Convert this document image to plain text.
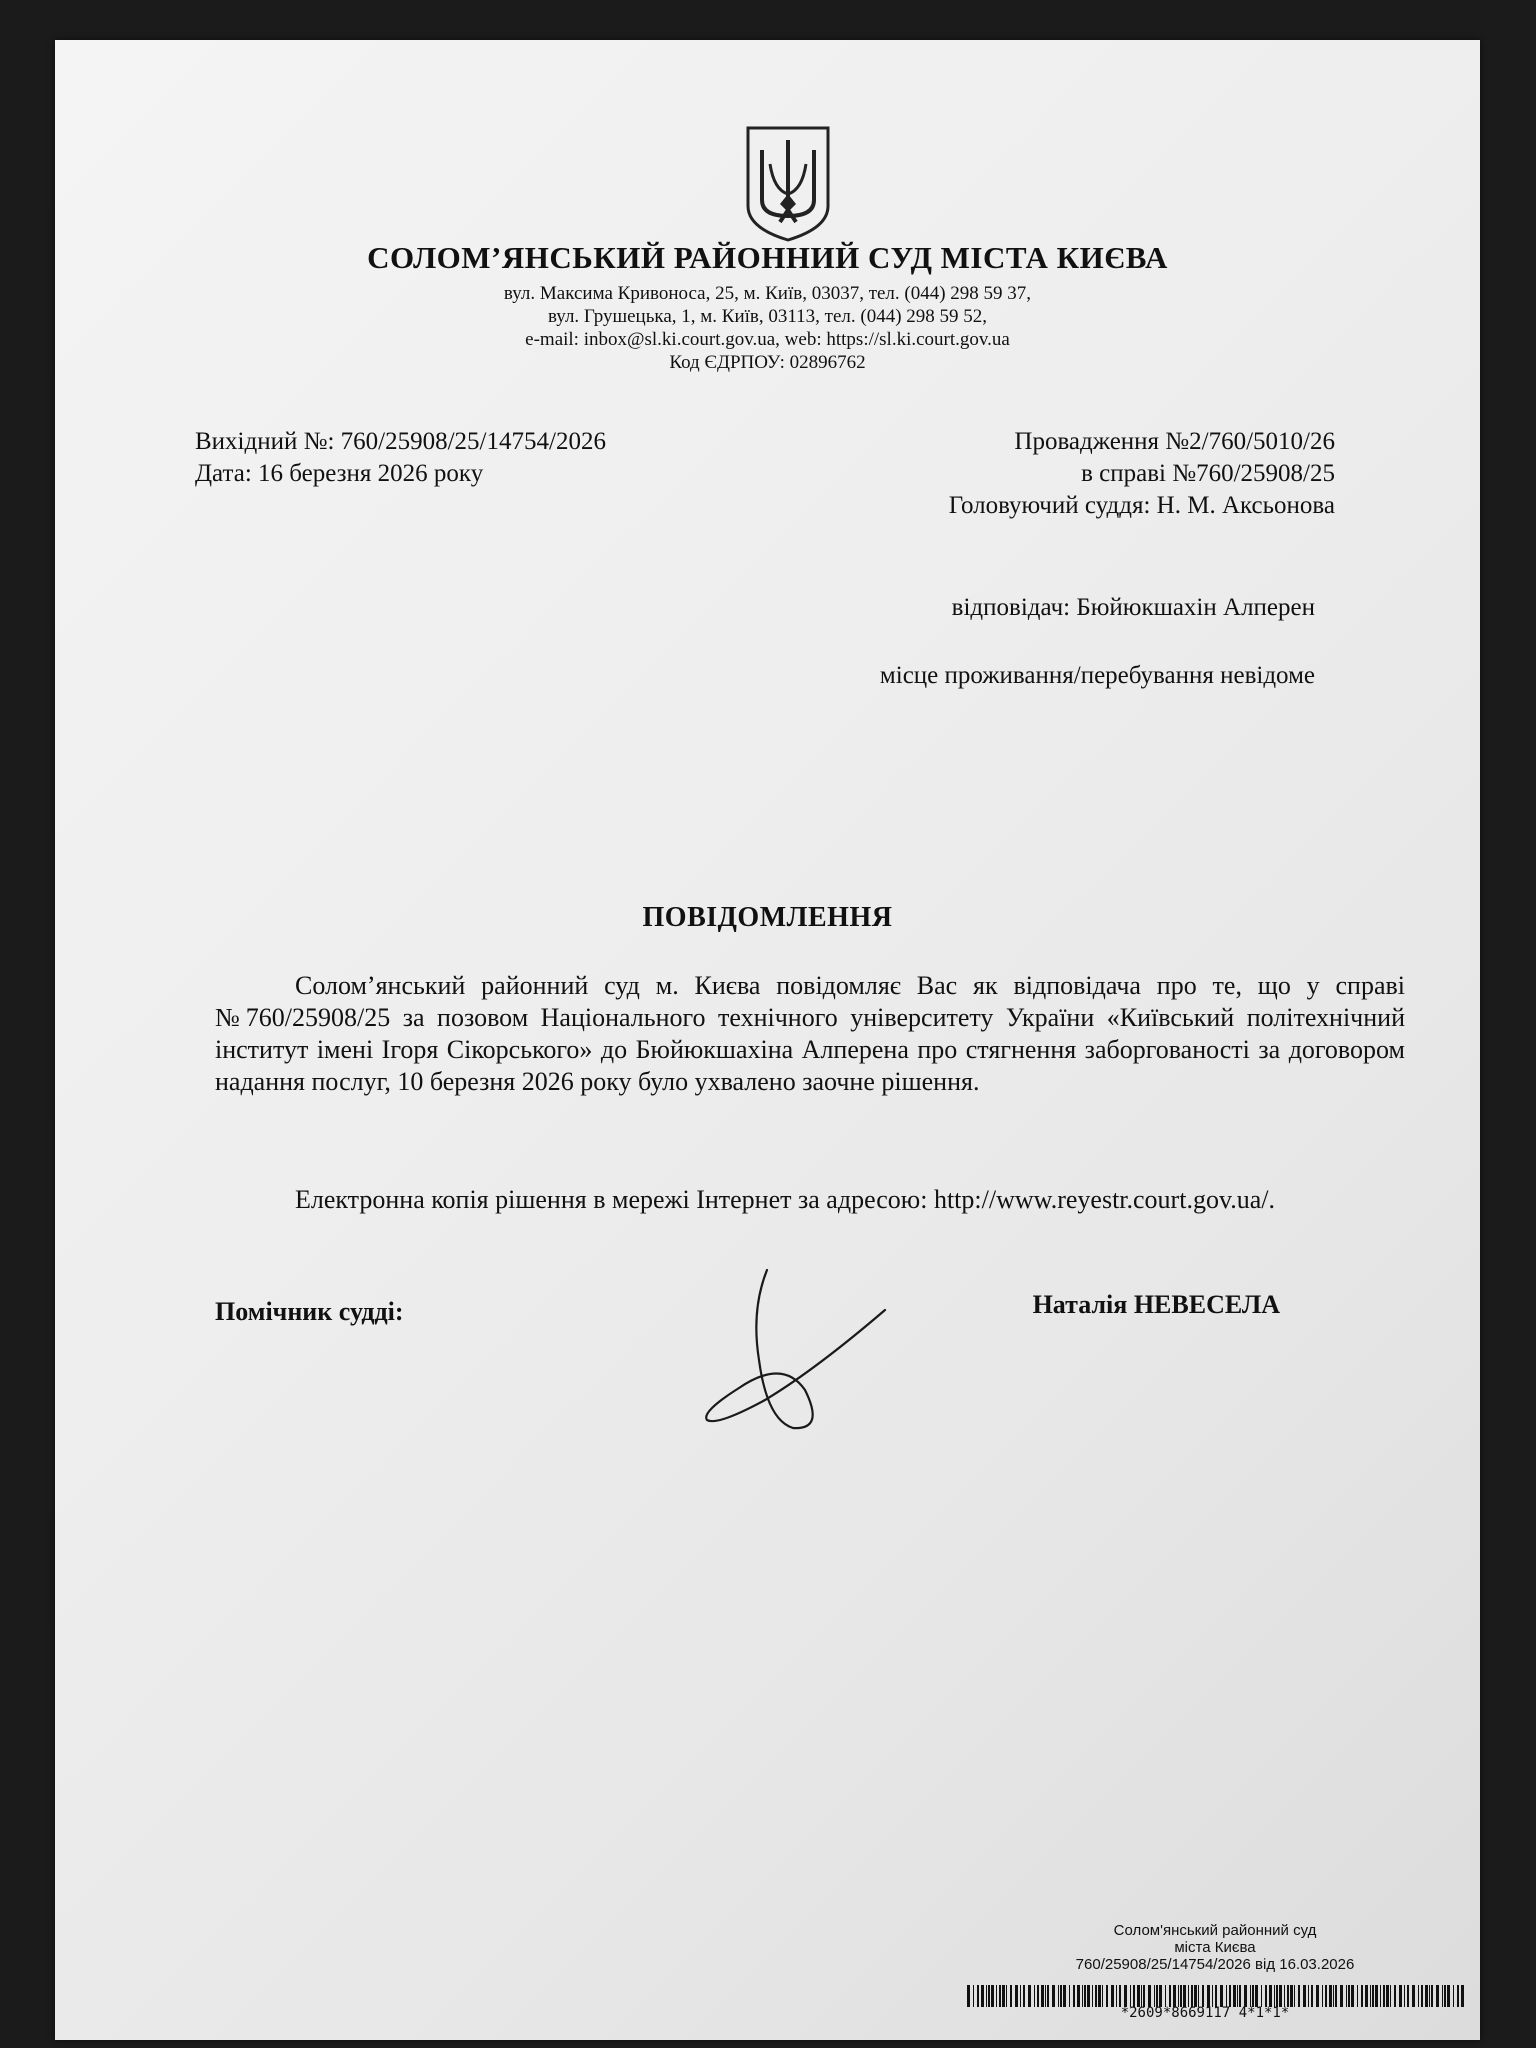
СОЛОМ’ЯНСЬКИЙ РАЙОННИЙ СУД МІСТА КИЄВА
вул. Максима Кривоноса, 25, м. Київ, 03037, тел. (044) 298 59 37,
вул. Грушецька, 1, м. Київ, 03113, тел. (044) 298 59 52,
e-mail: inbox@sl.ki.court.gov.ua, web: https://sl.ki.court.gov.ua
Код ЄДРПОУ: 02896762
Вихідний №: 760/25908/25/14754/2026
Дата: 16 березня 2026 року
Провадження №2/760/5010/26
в справі №760/25908/25
Головуючий суддя: Н. М. Аксьонова
відповідач: Бюйюкшахін Алперен
місце проживання/перебування невідоме
ПОВІДОМЛЕННЯ
Солом’янський районний суд м. Києва повідомляє Вас як відповідача про те, що у справі №760/25908/25 за позовом Національного технічного університету України «Київський політехнічний інститут імені Ігоря Сікорського» до Бюйюкшахіна Алперена про стягнення заборгованості за договором надання послуг, 10 березня 2026 року було ухвалено заочне рішення.
Електронна копія рішення в мережі Інтернет за адресою: http://www.reyestr.court.gov.ua/.
Помічник судді:	Наталія НЕВЕСЕЛА
Солом'янський районний суд
міста Києва
760/25908/25/14754/2026 від 16.03.2026
*2609*8669117 4*1*1*
